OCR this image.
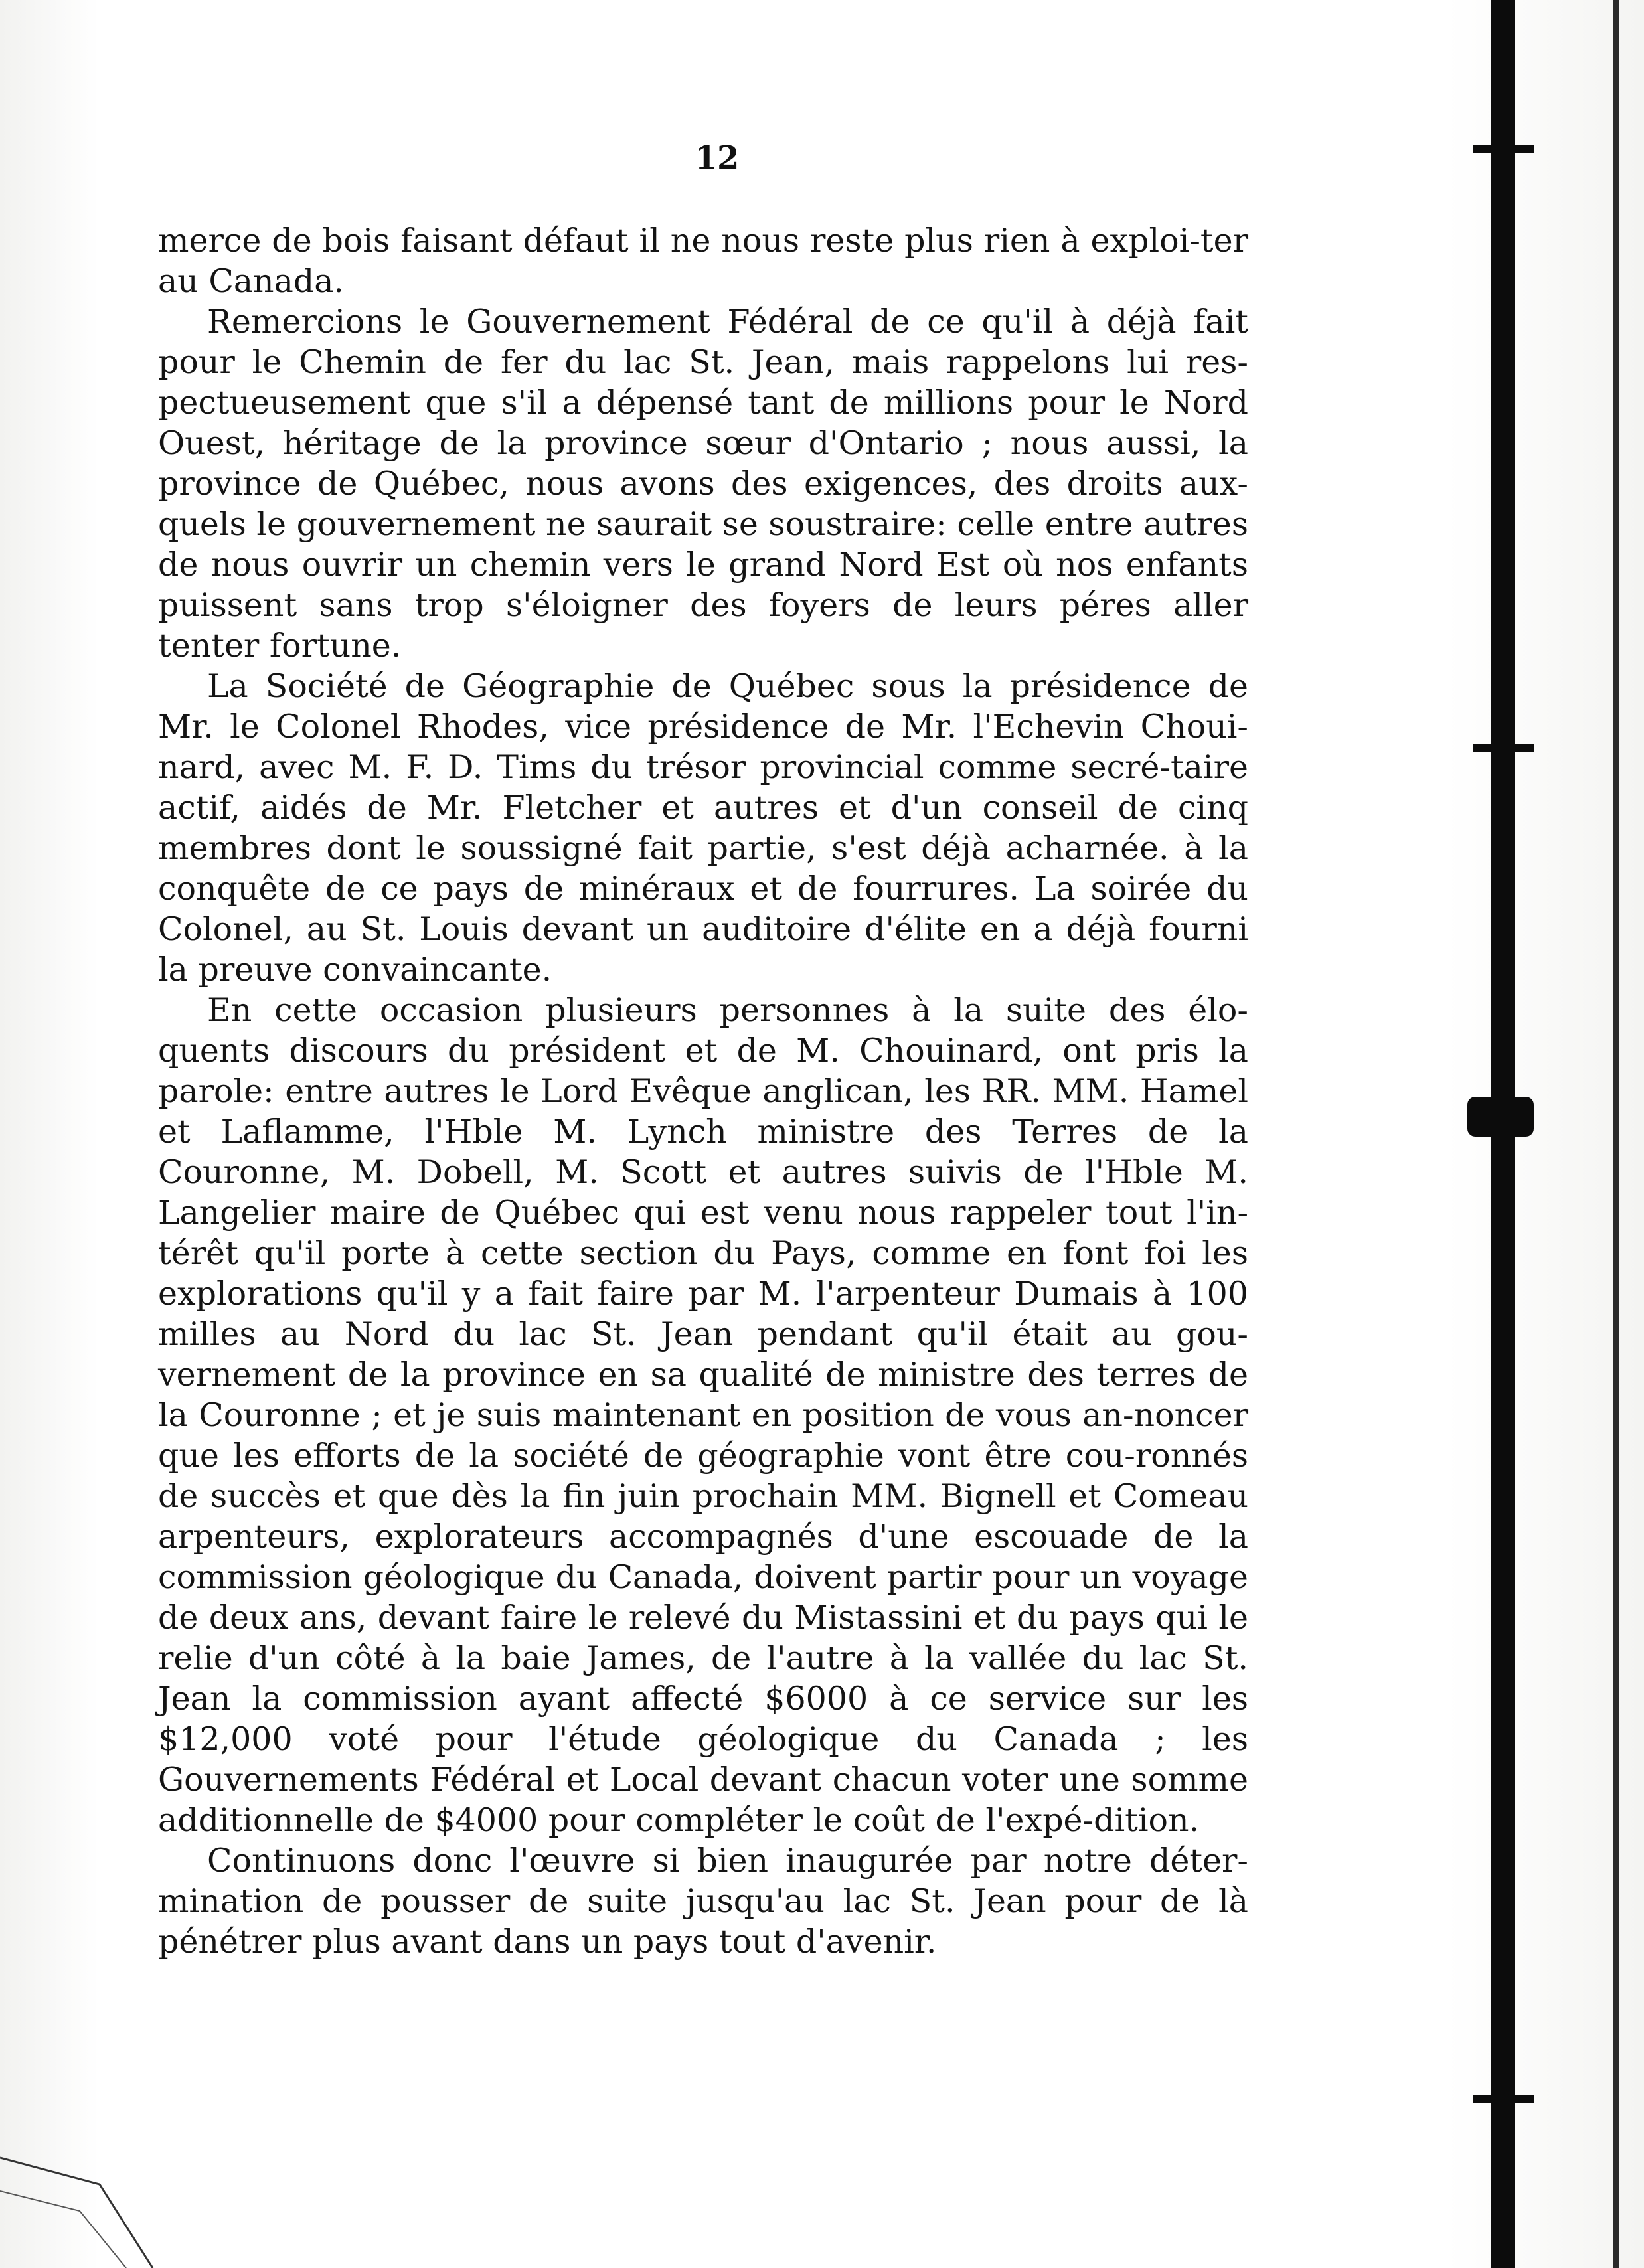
12

merce de bois faisant défaut il ne nous reste plus rien à exploi-ter au Canada.

Remercions le Gouvernement Fédéral de ce qu'il à déjà fait pour le Chemin de fer du lac St. Jean, mais rappelons lui res-pectueusement que s'il a dépensé tant de millions pour le Nord Ouest, héritage de la province sœur d'Ontario ; nous aussi, la province de Québec, nous avons des exigences, des droits aux-quels le gouvernement ne saurait se soustraire: celle entre autres de nous ouvrir un chemin vers le grand Nord Est où nos enfants puissent sans trop s'éloigner des foyers de leurs péres aller tenter fortune.

La Société de Géographie de Québec sous la présidence de Mr. le Colonel Rhodes, vice présidence de Mr. l'Echevin Choui-nard, avec M. F. D. Tims du trésor provincial comme secré-taire actif, aidés de Mr. Fletcher et autres et d'un conseil de cinq membres dont le soussigné fait partie, s'est déjà acharnée. à la conquête de ce pays de minéraux et de fourrures. La soirée du Colonel, au St. Louis devant un auditoire d'élite en a déjà fourni la preuve convaincante.

En cette occasion plusieurs personnes à la suite des élo-quents discours du président et de M. Chouinard, ont pris la parole: entre autres le Lord Evêque anglican, les RR. MM. Hamel et Laflamme, l'Hble M. Lynch ministre des Terres de la Couronne, M. Dobell, M. Scott et autres suivis de l'Hble M. Langelier maire de Québec qui est venu nous rappeler tout l'in-térêt qu'il porte à cette section du Pays, comme en font foi les explorations qu'il y a fait faire par M. l'arpenteur Dumais à 100 milles au Nord du lac St. Jean pendant qu'il était au gou-vernement de la province en sa qualité de ministre des terres de la Couronne ; et je suis maintenant en position de vous an-noncer que les efforts de la société de géographie vont être cou-ronnés de succès et que dès la fin juin prochain MM. Bignell et Comeau arpenteurs, explorateurs accompagnés d'une escouade de la commission géologique du Canada, doivent partir pour un voyage de deux ans, devant faire le relevé du Mistassini et du pays qui le relie d'un côté à la baie James, de l'autre à la vallée du lac St. Jean la commission ayant affecté $6000 à ce service sur les $12,000 voté pour l'étude géologique du Canada ; les Gouvernements Fédéral et Local devant chacun voter une somme additionnelle de $4000 pour compléter le coût de l'expé-dition.

Continuons donc l'œuvre si bien inaugurée par notre déter-mination de pousser de suite jusqu'au lac St. Jean pour de là pénétrer plus avant dans un pays tout d'avenir.
